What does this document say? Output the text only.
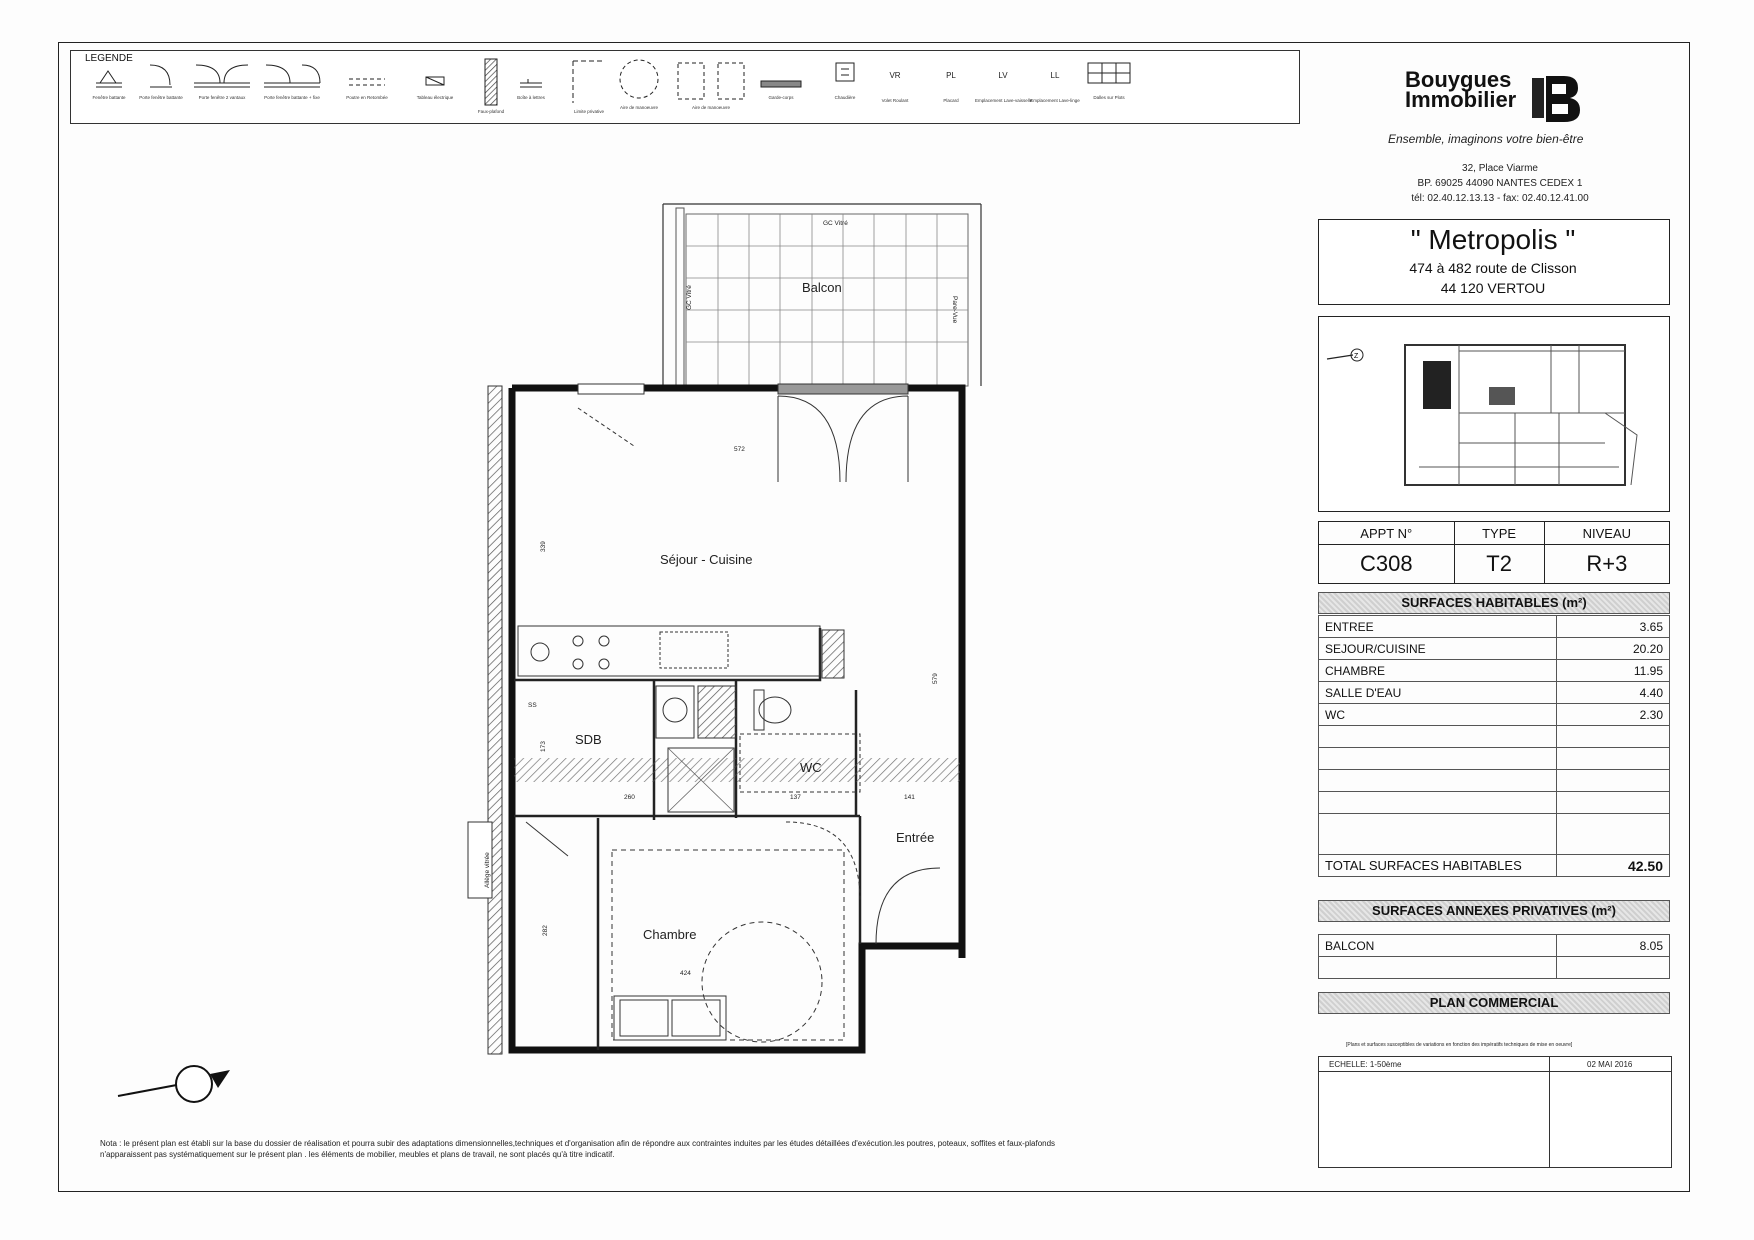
LEGENDE
Fenêtre battante	Porte fenêtre battante	Porte fenêtre 2 vantaux	Porte fenêtre battante + fixe	Poutre en Retombée	Tableau électrique
Faux-plafond
Boîte à lettres
Limite privative
Aire de manoeuvre	Aire de manoeuvre
Garde-corps	Chaudière
VR
Volet Roulant
PL
Placard
LV
Emplacement Lave-vaisselle
LL
Emplacement Lave-linge
Dalles sur Plots
Bouygues
Immobilier
Ensemble, imaginons votre bien-être
32, Place Viarme
BP. 69025 44090 NANTES CEDEX 1
tél: 02.40.12.13.13 - fax: 02.40.12.41.00
" Metropolis "
474 à 482 route de Clisson
44 120 VERTOU
Z
APPT N°	TYPE	NIVEAU
C308	T2	R+3
SURFACES HABITABLES (m²)
ENTREE	3.65
SEJOUR/CUISINE	20.20
CHAMBRE	11.95
SALLE D'EAU	4.40
WC	2.30

TOTAL SURFACES HABITABLES	42.50
SURFACES ANNEXES PRIVATIVES (m²)
BALCON	8.05

PLAN COMMERCIAL
[Plans et surfaces susceptibles de variations en fonction des impératifs techniques de mise en oeuvre]
ECHELLE: 1-50ème	02 MAI 2016
Nota : le présent plan est établi sur la base du dossier de réalisation et pourra subir des adaptations dimensionnelles,techniques et d'organisation afin de répondre aux contraintes induites par les études détaillées d'exécution.les poutres, poteaux, soffites et faux-plafonds n'apparaissent pas systématiquement sur le présent plan . les éléments de mobilier, meubles et plans de travail, ne sont placés qu'à titre indicatif.
Balcon
Séjour - Cuisine
SDB
WC
Entrée
Chambre
GC Vitré
GC Vitré	Pare-Vue
Allège vitrée
SS
572
339
579
173
260	137	141
282
424
